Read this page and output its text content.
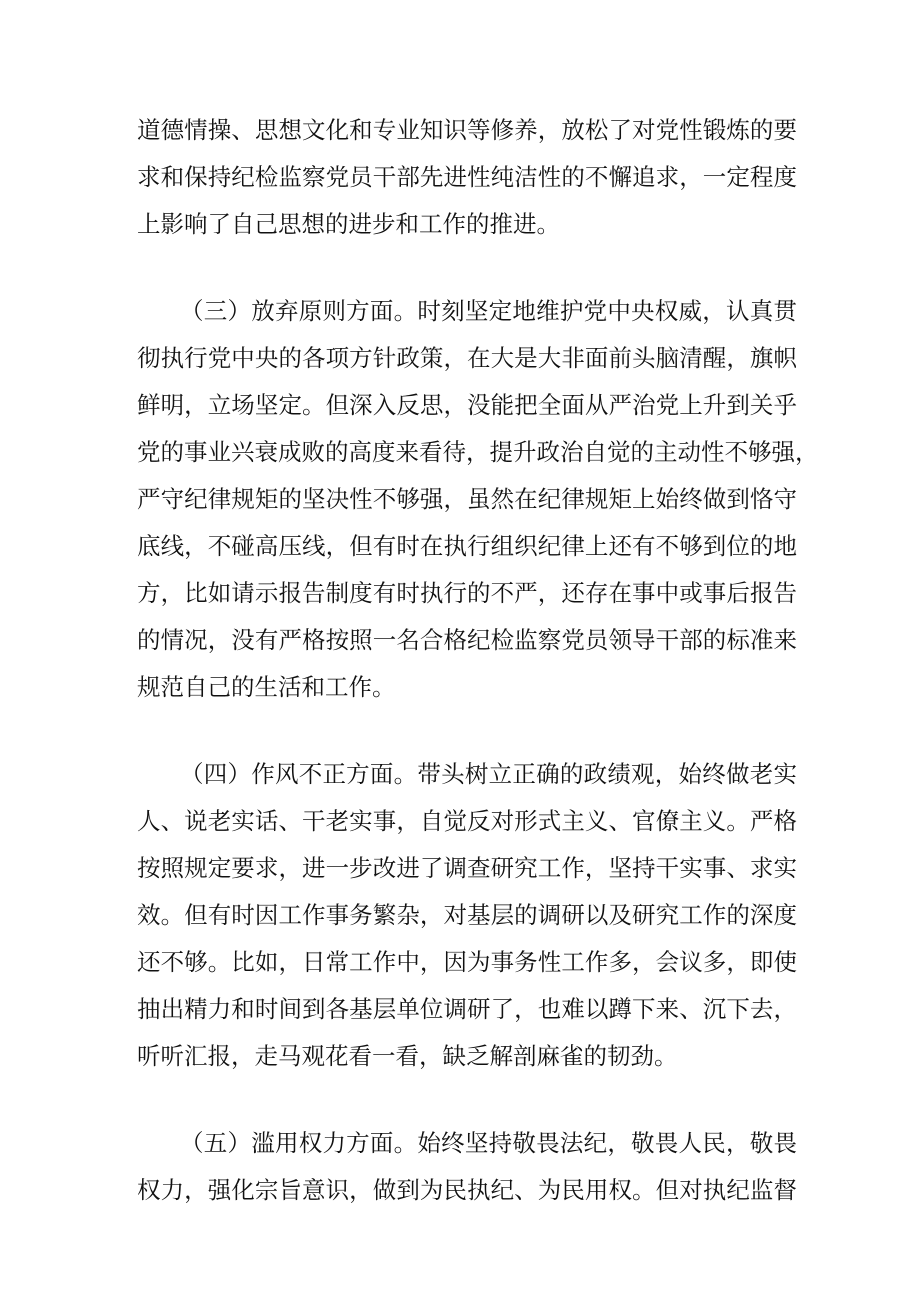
道德情操、思想文化和专业知识等修养，放松了对党性锻炼的要

求和保持纪检监察党员干部先进性纯洁性的不懈追求，一定程度

上影响了自己思想的进步和工作的推进。

（三）放弃原则方面。时刻坚定地维护党中央权威，认真贯

彻执行党中央的各项方针政策，在大是大非面前头脑清醒，旗帜

鲜明，立场坚定。但深入反思，没能把全面从严治党上升到关乎

党的事业兴衰成败的高度来看待，提升政治自觉的主动性不够强，

严守纪律规矩的坚决性不够强，虽然在纪律规矩上始终做到恪守

底线，不碰高压线，但有时在执行组织纪律上还有不够到位的地

方，比如请示报告制度有时执行的不严，还存在事中或事后报告

的情况，没有严格按照一名合格纪检监察党员领导干部的标准来

规范自己的生活和工作。

（四）作风不正方面。带头树立正确的政绩观，始终做老实

人、说老实话、干老实事，自觉反对形式主义、官僚主义。严格

按照规定要求，进一步改进了调查研究工作，坚持干实事、求实

效。但有时因工作事务繁杂，对基层的调研以及研究工作的深度

还不够。比如，日常工作中，因为事务性工作多，会议多，即使

抽出精力和时间到各基层单位调研了，也难以蹲下来、沉下去，

听听汇报，走马观花看一看，缺乏解剖麻雀的韧劲。

（五）滥用权力方面。始终坚持敬畏法纪，敬畏人民，敬畏

权力，强化宗旨意识，做到为民执纪、为民用权。但对执纪监督
